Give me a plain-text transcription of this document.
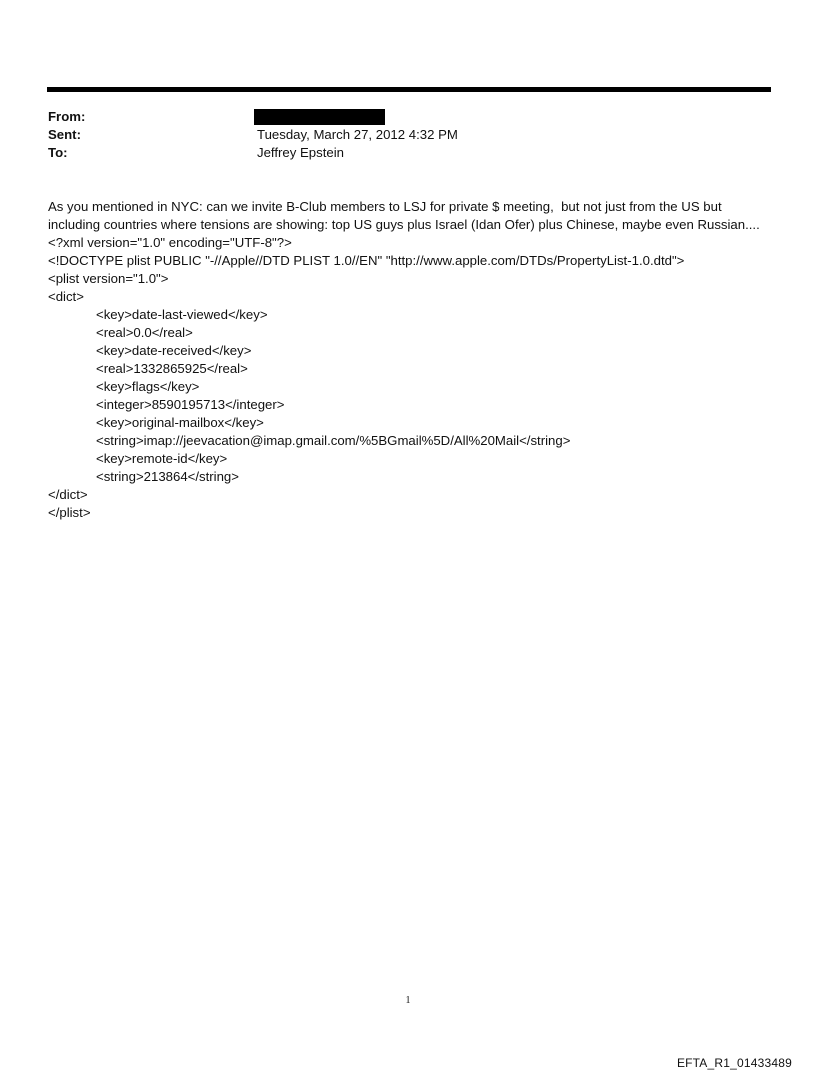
From:
Sent:	Tuesday, March 27, 2012 4:32 PM
To:	Jeffrey Epstein
As you mentioned in NYC: can we invite B-Club members to LSJ for private $ meeting,  but not just from the US but
including countries where tensions are showing: top US guys plus Israel (Idan Ofer) plus Chinese, maybe even Russian....
<?xml version="1.0" encoding="UTF-8"?>
<!DOCTYPE plist PUBLIC "-//Apple//DTD PLIST 1.0//EN" "http://www.apple.com/DTDs/PropertyList-1.0.dtd">
<plist version="1.0">
<dict>
<key>date-last-viewed</key>
<real>0.0</real>
<key>date-received</key>
<real>1332865925</real>
<key>flags</key>
<integer>8590195713</integer>
<key>original-mailbox</key>
<string>imap://jeevacation@imap.gmail.com/%5BGmail%5D/All%20Mail</string>
<key>remote-id</key>
<string>213864</string>
</dict>
</plist>
1
EFTA_R1_01433489
